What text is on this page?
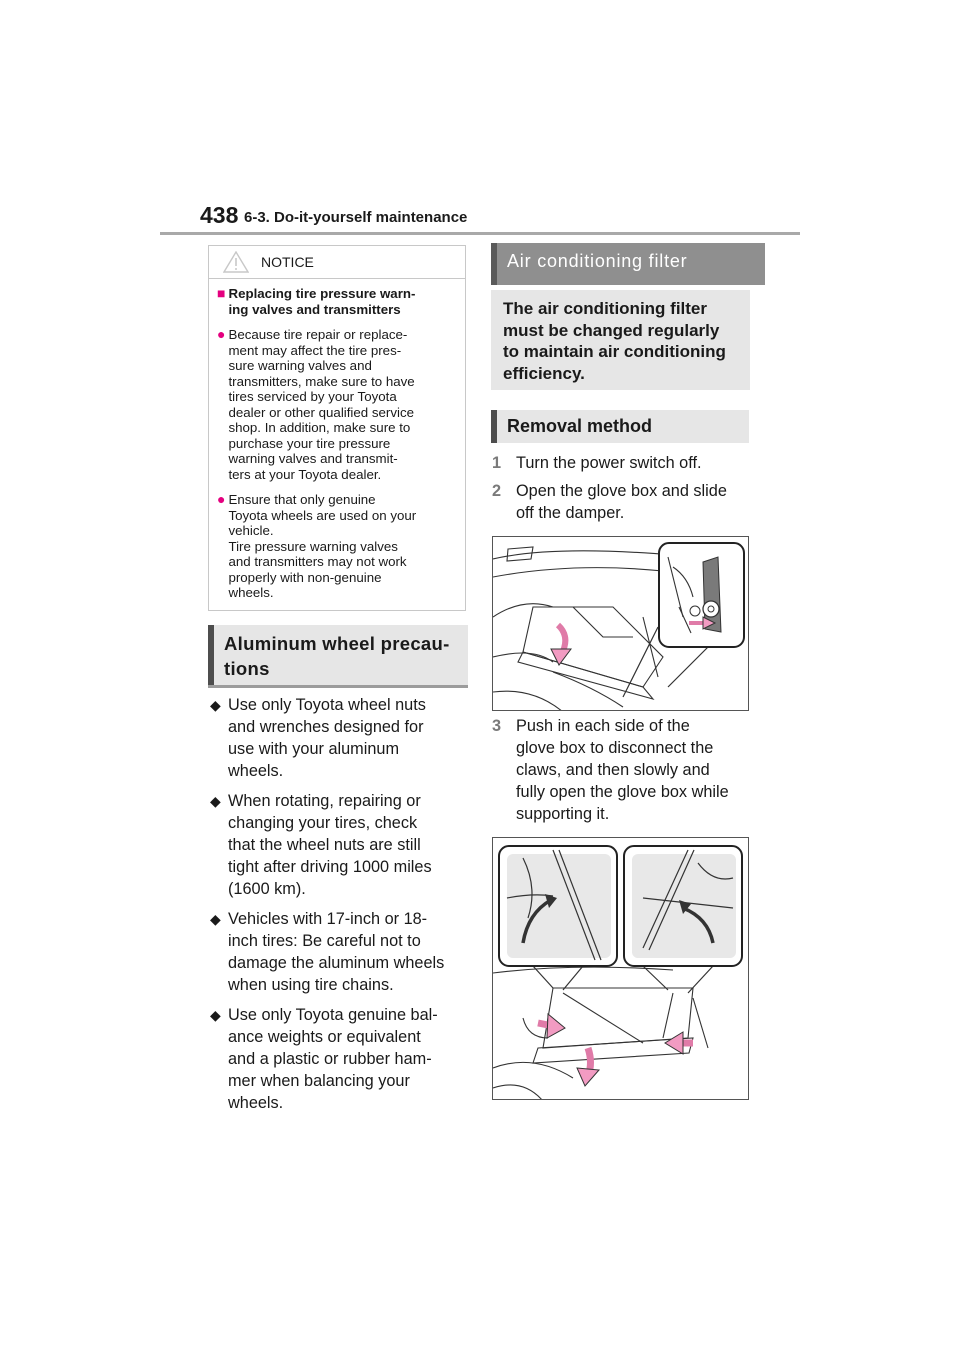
438 6-3. Do-it-yourself maintenance
NOTICE
■ Replacing tire pressure warn-
ing valves and transmitters
● Because tire repair or replace-
ment may affect the tire pres-
sure warning valves and
transmitters, make sure to have
tires serviced by your Toyota
dealer or other qualified service
shop. In addition, make sure to
purchase your tire pressure
warning valves and transmit-
ters at your Toyota dealer.
● Ensure that only genuine
Toyota wheels are used on your
vehicle.
Tire pressure warning valves
and transmitters may not work
properly with non-genuine
wheels.
Aluminum wheel precau-
tions
◆ Use only Toyota wheel nuts
and wrenches designed for
use with your aluminum
wheels.
◆ When rotating, repairing or
changing your tires, check
that the wheel nuts are still
tight after driving 1000 miles
(1600 km).
◆ Vehicles with 17-inch or 18-
inch tires: Be careful not to
damage the aluminum wheels
when using tire chains.
◆ Use only Toyota genuine bal-
ance weights or equivalent
and a plastic or rubber ham-
mer when balancing your
wheels.
Air conditioning filter
The air conditioning filter
must be changed regularly
to maintain air conditioning
efficiency.
Removal method
1 Turn the power switch off.
2 Open the glove box and slide
off the damper.
3 Push in each side of the
glove box to disconnect the
claws, and then slowly and
fully open the glove box while
supporting it.
